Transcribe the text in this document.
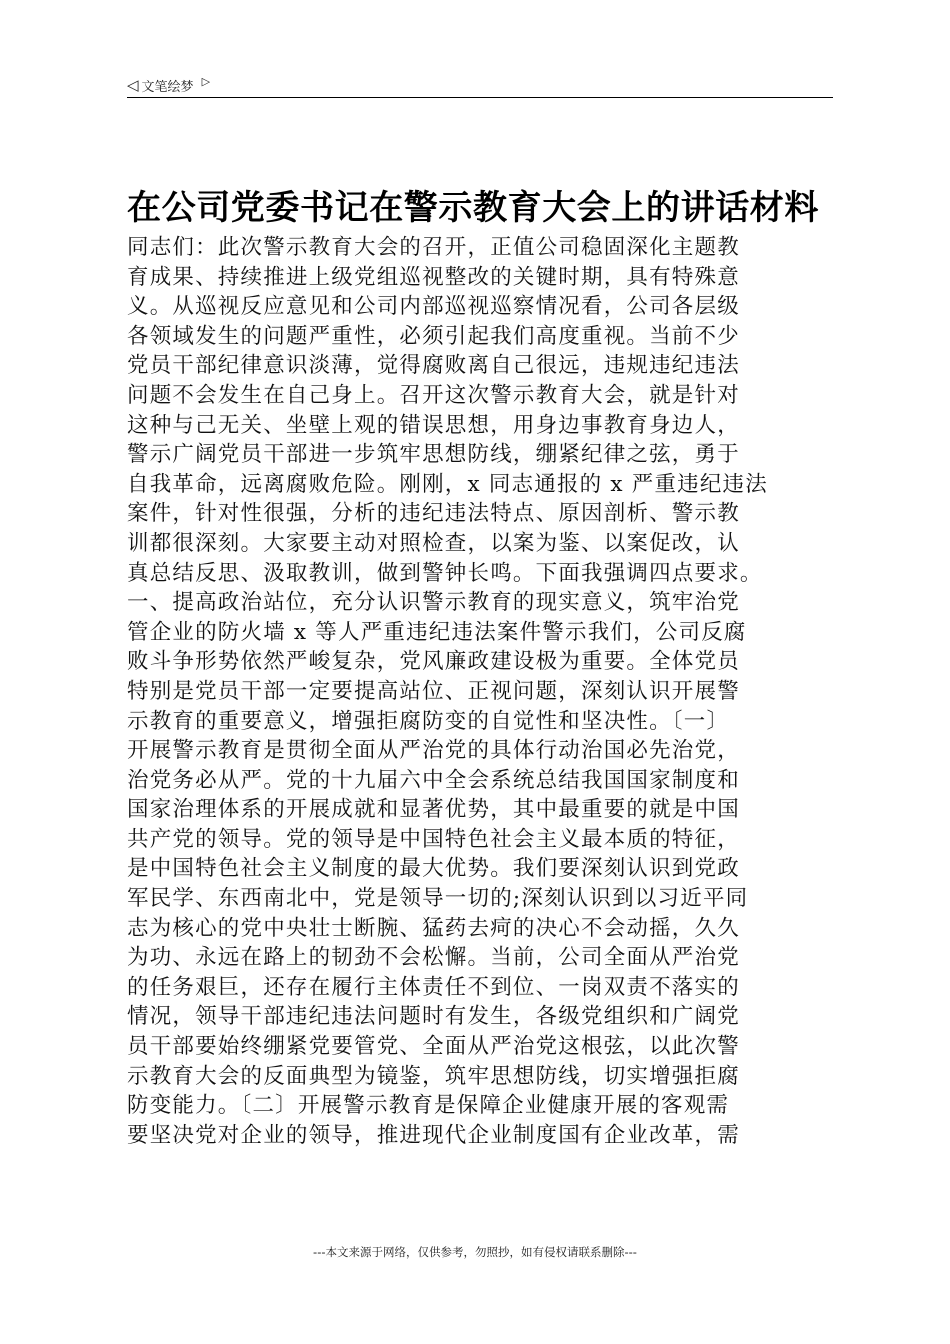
◁ 文笔绘梦 ▷
同志们：此次警示教育大会的召开，正值公司稳固深化主题教
育成果、持续推进上级党组巡视整改的关键时期，具有特殊意
义。从巡视反应意见和公司内部巡视巡察情况看，公司各层级
各领域发生的问题严重性，必须引起我们高度重视。当前不少
党员干部纪律意识淡薄，觉得腐败离自己很远，违规违纪违法
问题不会发生在自己身上。召开这次警示教育大会，就是针对
这种与己无关、坐壁上观的错误思想，用身边事教育身边人，
警示广阔党员干部进一步筑牢思想防线，绷紧纪律之弦，勇于
自我革命，远离腐败危险。刚刚，x 同志通报的 x 严重违纪违法
案件，针对性很强，分析的违纪违法特点、原因剖析、警示教
训都很深刻。大家要主动对照检查，以案为鉴、以案促改，认
真总结反思、汲取教训，做到警钟长鸣。下面我强调四点要求。
一、提高政治站位，充分认识警示教育的现实意义，筑牢治党
管企业的防火墙 x 等人严重违纪违法案件警示我们，公司反腐
败斗争形势依然严峻复杂，党风廉政建设极为重要。全体党员
特别是党员干部一定要提高站位、正视问题，深刻认识开展警
示教育的重要意义，增强拒腐防变的自觉性和坚决性。〔一〕
开展警示教育是贯彻全面从严治党的具体行动治国必先治党，
治党务必从严。党的十九届六中全会系统总结我国国家制度和
国家治理体系的开展成就和显著优势，其中最重要的就是中国
共产党的领导。党的领导是中国特色社会主义最本质的特征，
是中国特色社会主义制度的最大优势。我们要深刻认识到党政
军民学、东西南北中，党是领导一切的;深刻认识到以习近平同
志为核心的党中央壮士断腕、猛药去疴的决心不会动摇，久久
为功、永远在路上的韧劲不会松懈。当前，公司全面从严治党
的任务艰巨，还存在履行主体责任不到位、一岗双责不落实的
情况，领导干部违纪违法问题时有发生，各级党组织和广阔党
员干部要始终绷紧党要管党、全面从严治党这根弦，以此次警
示教育大会的反面典型为镜鉴，筑牢思想防线，切实增强拒腐
防变能力。〔二〕开展警示教育是保障企业健康开展的客观需
要坚决党对企业的领导，推进现代企业制度国有企业改革，需
在公司党委书记在警示教育大会上的讲话材料
---本文来源于网络，仅供参考，勿照抄，如有侵权请联系删除---
